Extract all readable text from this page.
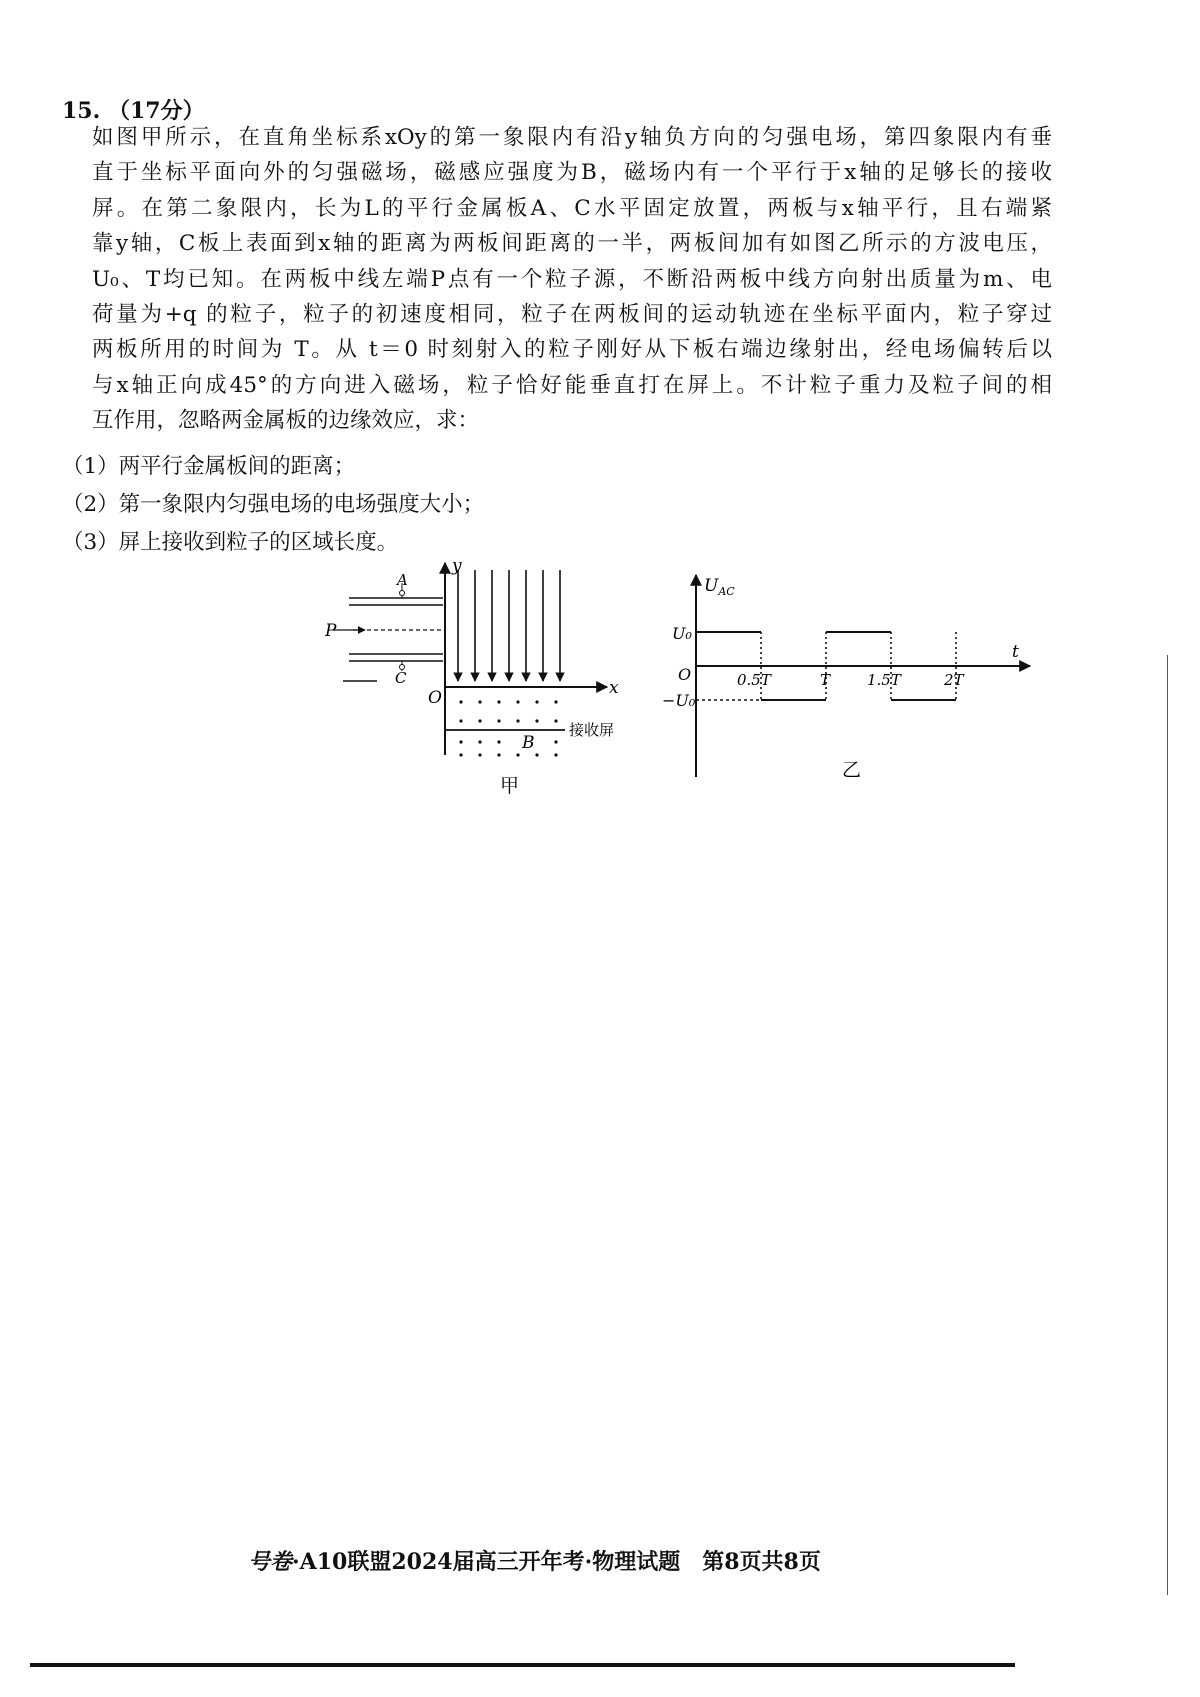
15. （17分）

如图甲所示，在直角坐标系xOy的第一象限内有沿y轴负方向的匀强电场，第四象限内有垂

直于坐标平面向外的匀强磁场，磁感应强度为B，磁场内有一个平行于x轴的足够长的接收

屏。在第二象限内，长为L的平行金属板A、C水平固定放置，两板与x轴平行，且右端紧

靠y轴，C板上表面到x轴的距离为两板间距离的一半，两板间加有如图乙所示的方波电压，

U₀、T均已知。在两板中线左端P点有一个粒子源，不断沿两板中线方向射出质量为m、电

荷量为+q 的粒子，粒子的初速度相同，粒子在两板间的运动轨迹在坐标平面内，粒子穿过

两板所用的时间为 T。从 t＝0 时刻射入的粒子刚好从下板右端边缘射出，经电场偏转后以

与x轴正向成45°的方向进入磁场，粒子恰好能垂直打在屏上。不计粒子重力及粒子间的相

互作用，忽略两金属板的边缘效应，求：

（1）两平行金属板间的距离；
（2）第一象限内匀强电场的电场强度大小；
（3）屏上接收到粒子的区域长度。
y
x
O
A
C
P
B
接收屏
甲
$U_{AC}$
t
O
U₀
−U₀
0.5T	T 1.5T	2T
乙
号卷·A10联盟2024届高三开年考·物理试题　第8页共8页
